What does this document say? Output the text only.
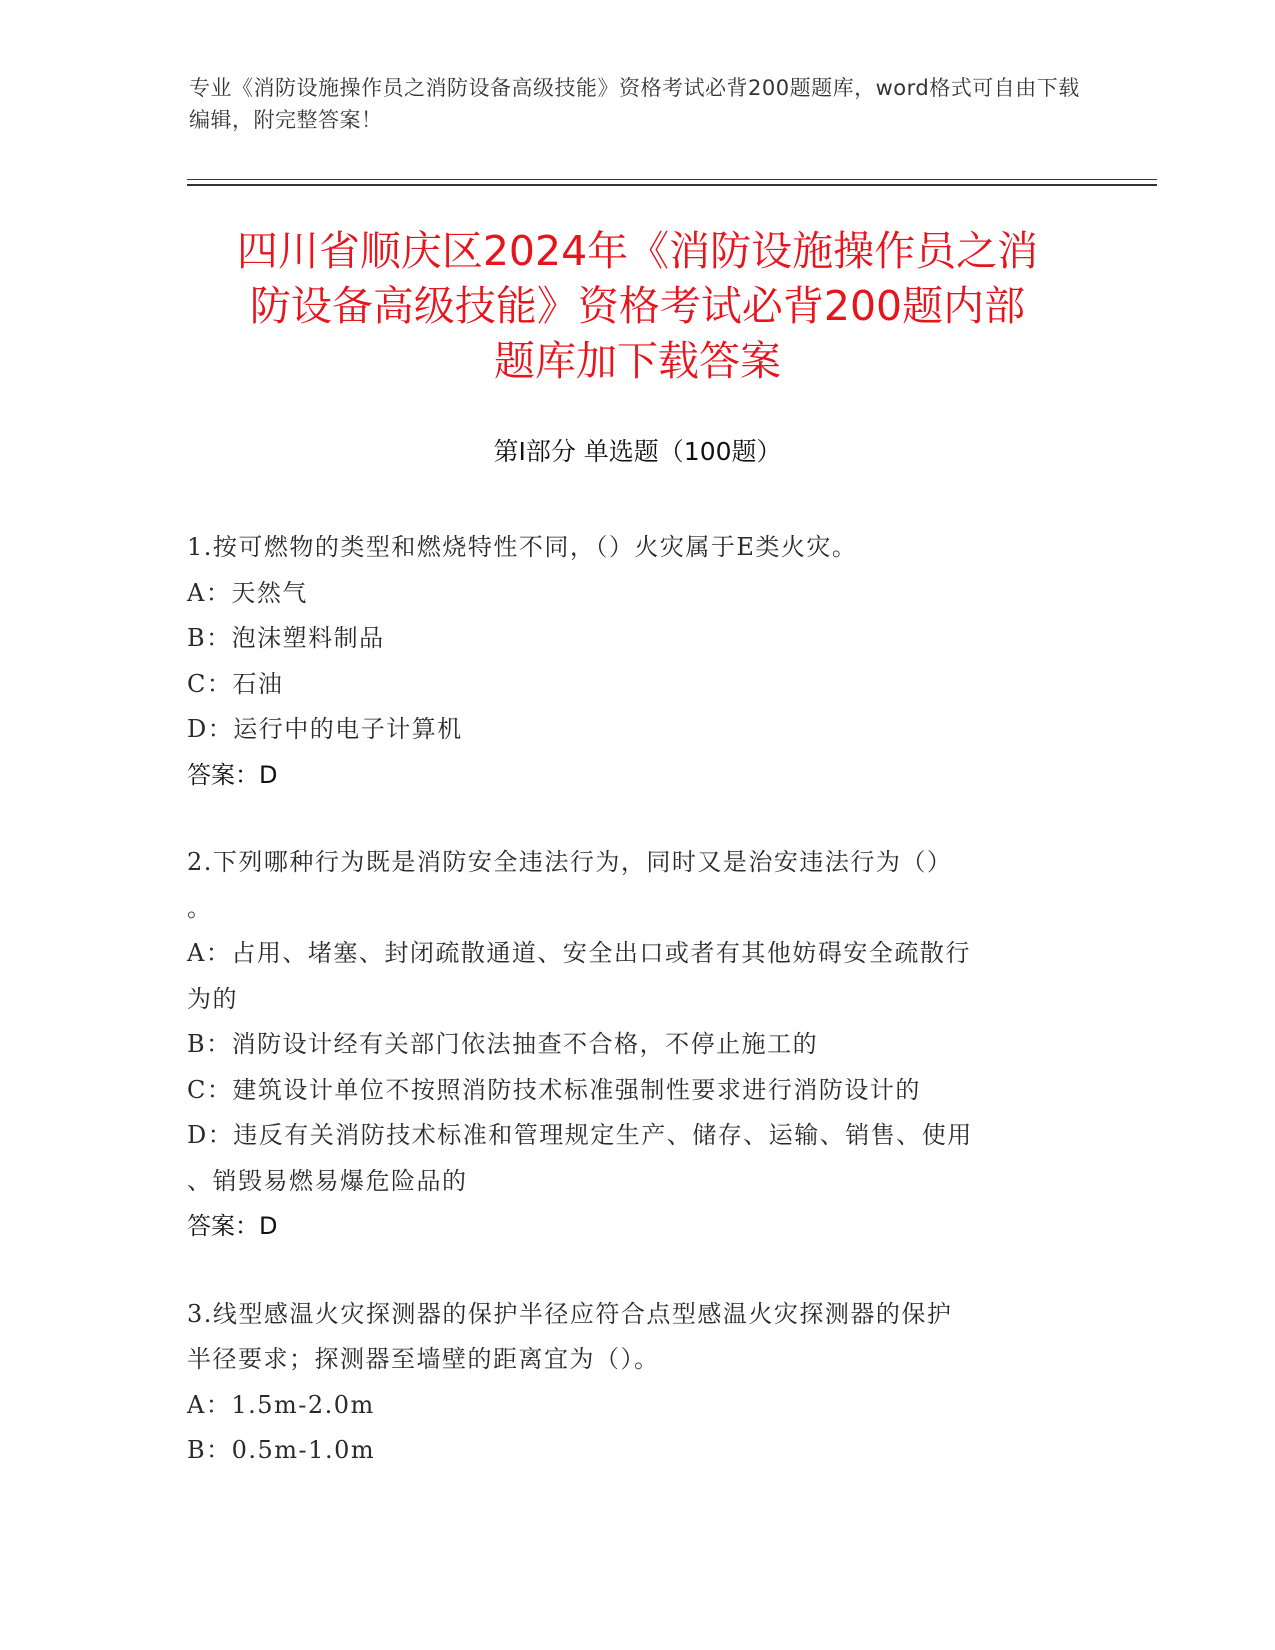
专业《消防设施操作员之消防设备高级技能》资格考试必背200题题库，word格式可自由下载编辑，附完整答案！
四川省顺庆区2024年《消防设施操作员之消
防设备高级技能》资格考试必背200题内部
题库加下载答案
第Ⅰ部分 单选题（100题）
1.按可燃物的类型和燃烧特性不同，（）火灾属于E类火灾。
A：天然气
B：泡沫塑料制品
C：石油
D：运行中的电子计算机
答案：D
2.下列哪种行为既是消防安全违法行为，同时又是治安违法行为（）
。
A：占用、堵塞、封闭疏散通道、安全出口或者有其他妨碍安全疏散行
为的
B：消防设计经有关部门依法抽查不合格，不停止施工的
C：建筑设计单位不按照消防技术标准强制性要求进行消防设计的
D：违反有关消防技术标准和管理规定生产、储存、运输、销售、使用
、销毁易燃易爆危险品的
答案：D
3.线型感温火灾探测器的保护半径应符合点型感温火灾探测器的保护
半径要求；探测器至墙壁的距离宜为（）。
A：1.5m-2.0m
B：0.5m-1.0m
